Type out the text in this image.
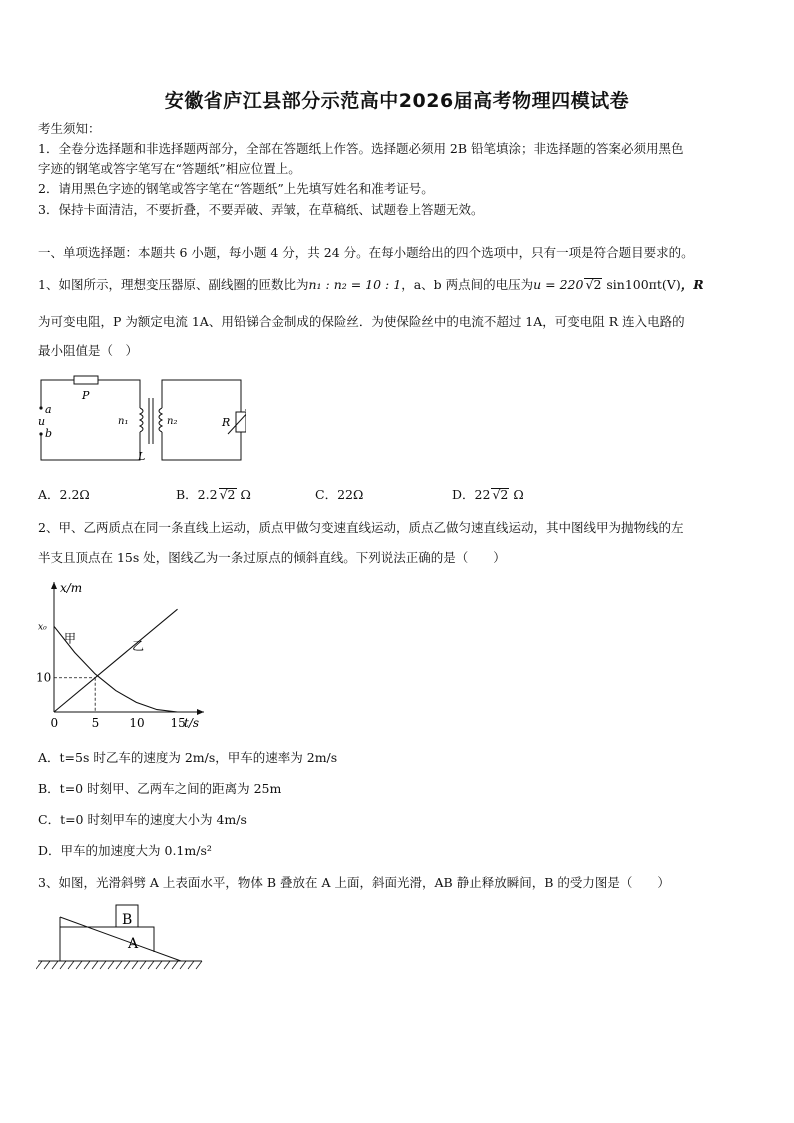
安徽省庐江县部分示范高中2026届高考物理四模试卷
考生须知：
1．全卷分选择题和非选择题两部分，全部在答题纸上作答。选择题必须用 2B 铅笔填涂；非选择题的答案必须用黑色
字迹的钢笔或答字笔写在“答题纸”相应位置上。
2．请用黑色字迹的钢笔或答字笔在“答题纸”上先填写姓名和准考证号。
3．保持卡面清洁，不要折叠，不要弄破、弄皱，在草稿纸、试题卷上答题无效。
一、单项选择题：本题共 6 小题，每小题 4 分，共 24 分。在每小题给出的四个选项中，只有一项是符合题目要求的。
1、如图所示，理想变压器原、副线圈的匝数比为n₁ : n₂ = 10 : 1，a、b 两点间的电压为u = 220 √2 sin100πt(V)，R
为可变电阻，P 为额定电流 1A、用铅锑合金制成的保险丝．为使保险丝中的电流不超过 1A，可变电阻 R 连入电路的
最小阻值是（　）
a
u
b
P
n₁	n₂	R
L
A．2.2Ω	B．2.2 √2 Ω	C．22Ω	D．22 √2 Ω
2、甲、乙两质点在同一条直线上运动，质点甲做匀变速直线运动，质点乙做匀速直线运动，其中图线甲为抛物线的左
半支且顶点在 15s 处，图线乙为一条过原点的倾斜直线。下列说法正确的是（　　）
t/s
x/m
0	5	10 15
10
x₀
甲
乙
A．t=5s 时乙车的速度为 2m/s，甲车的速率为 2m/s
B．t=0 时刻甲、乙两车之间的距离为 25m
C．t=0 时刻甲车的速度大小为 4m/s
D．甲车的加速度大为 0.1m/s²
3、如图，光滑斜劈 A 上表面水平，物体 B 叠放在 A 上面，斜面光滑，AB 静止释放瞬间，B 的受力图是（　　）
B
A
